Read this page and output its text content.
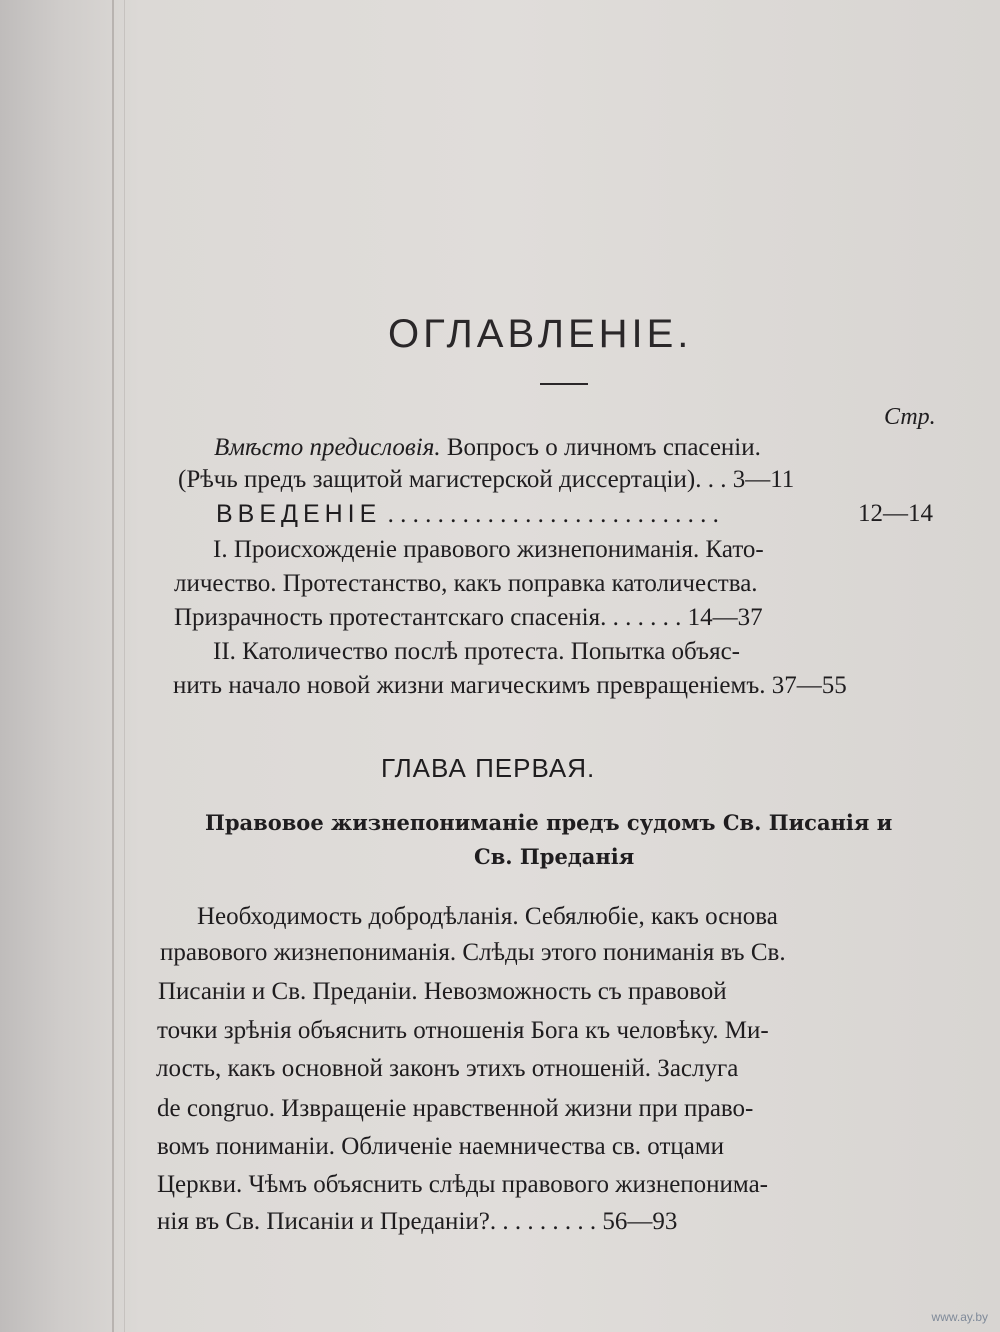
ОГЛАВЛЕНІЕ.
Стр.
Вмѣсто предисловія. Вопросъ о личномъ спасеніи.
(Рѣчь предъ защитой магистерской диссертаціи). . . 3—11
ВВЕДЕНІЕ . . . . . . . . . . . . . . . . . . . . . . . . . . .	12—14
I. Происхожденіе правового жизнепониманія. Като-
личество. Протестанство, какъ поправка католичества.
Призрачность протестантскаго спасенія. . . . . . . 14—37
II. Католичество послѣ протеста. Попытка объяс-
нить начало новой жизни магическимъ превращеніемъ. 37—55
ГЛАВА ПЕРВАЯ.
Правовое жизнепониманіе предъ судомъ Св. Писанія и
Св. Преданія
Необходимость добродѣланія. Себялюбіе, какъ основа
правового жизнепониманія. Слѣды этого пониманія въ Св.
Писаніи и Св. Преданіи. Невозможность съ правовой
точки зрѣнія объяснить отношенія Бога къ человѣку. Ми-
лость, какъ основной законъ этихъ отношеній. Заслуга
de congruo. Извращеніе нравственной жизни при право-
вомъ пониманіи. Обличеніе наемничества св. отцами
Церкви. Чѣмъ объяснить слѣды правового жизнепонима-
нія въ Св. Писаніи и Преданіи?. . . . . . . . . 56—93
www.ay.by
